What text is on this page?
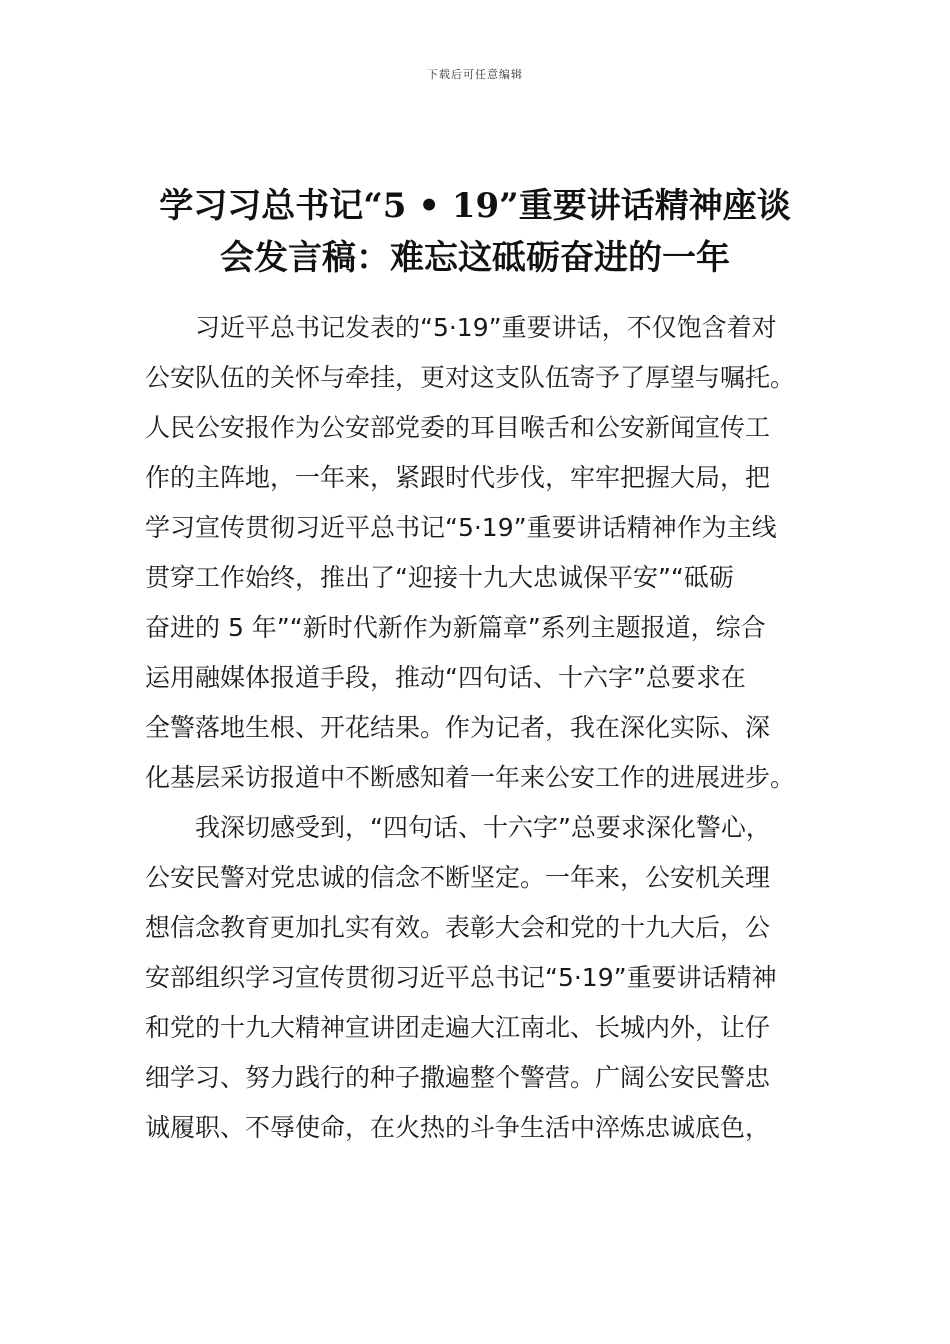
下载后可任意编辑
学习习总书记“5 • 19”重要讲话精神座谈
会发言稿：难忘这砥砺奋进的一年

习近平总书记发表的“5·19”重要讲话，不仅饱含着对
公安队伍的关怀与牵挂，更对这支队伍寄予了厚望与嘱托。
人民公安报作为公安部党委的耳目喉舌和公安新闻宣传工
作的主阵地，一年来，紧跟时代步伐，牢牢把握大局，把
学习宣传贯彻习近平总书记“5·19”重要讲话精神作为主线
贯穿工作始终，推出了“迎接十九大忠诚保平安”“砥砺
奋进的 5 年”“新时代新作为新篇章”系列主题报道，综合
运用融媒体报道手段，推动“四句话、十六字”总要求在
全警落地生根、开花结果。作为记者，我在深化实际、深
化基层采访报道中不断感知着一年来公安工作的进展进步。

我深切感受到，“四句话、十六字”总要求深化警心，
公安民警对党忠诚的信念不断坚定。一年来，公安机关理
想信念教育更加扎实有效。表彰大会和党的十九大后，公
安部组织学习宣传贯彻习近平总书记“5·19”重要讲话精神
和党的十九大精神宣讲团走遍大江南北、长城内外，让仔
细学习、努力践行的种子撒遍整个警营。广阔公安民警忠
诚履职、不辱使命，在火热的斗争生活中淬炼忠诚底色，
